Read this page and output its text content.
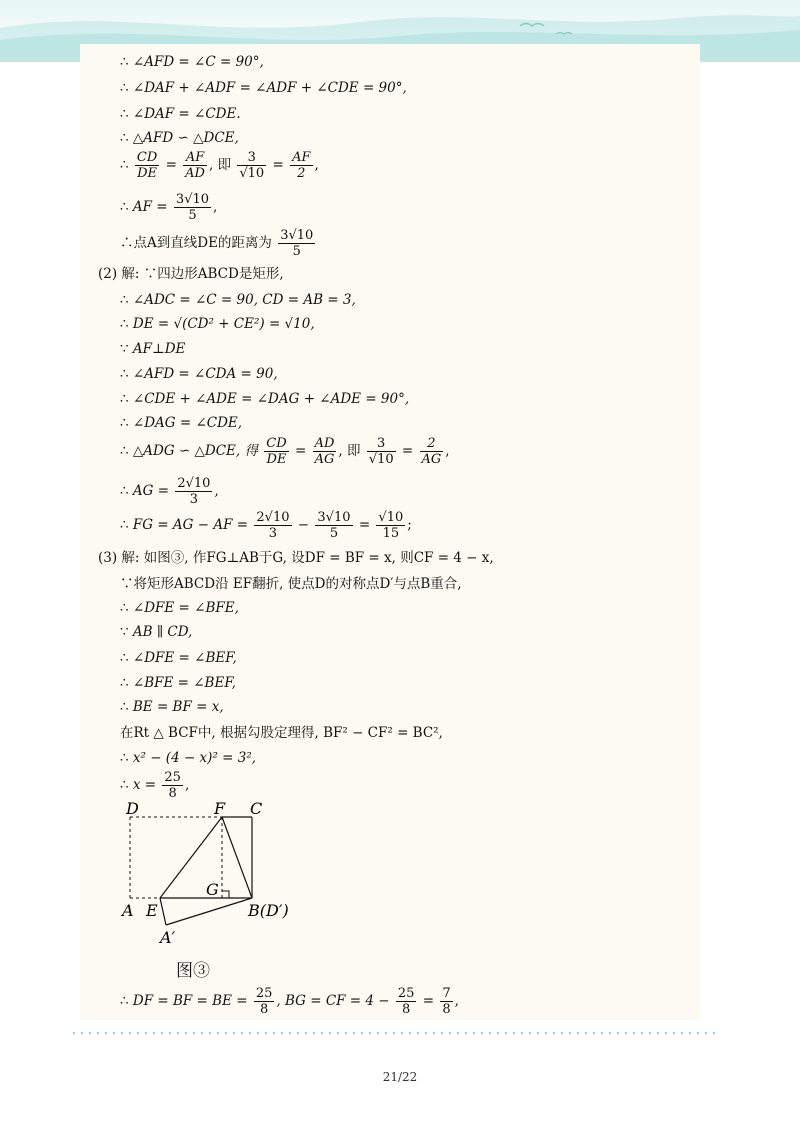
∴ ∠AFD = ∠C = 90°,
∴ ∠DAF + ∠ADF = ∠ADF + ∠CDE = 90°,
∴ ∠DAF = ∠CDE.
∴ △AFD ∽ △DCE,
∴ $\frac{CD}{DE} = \frac{AF}{AD}$ , 即 $\frac{3}{√10} = \frac{AF}{2}$ ,
∴ AF = $\frac{3√10}{5}$ ,
∴点A到直线DE的距离为 $\frac{3√10}{5}$
(2) 解: ∵四边形ABCD是矩形,
∴ ∠ADC = ∠C = 90, CD = AB = 3,
∴ DE = √(CD² + CE²) = √10,
∵ AF⊥DE
∴ ∠AFD = ∠CDA = 90,
∴ ∠CDE + ∠ADE = ∠DAG + ∠ADE = 90°,
∴ ∠DAG = ∠CDE,
∴ △ADG ∽ △DCE, 得 $\frac{CD}{DE} = \frac{AD}{AG}$ , 即 $\frac{3}{√10} = \frac{2}{AG}$ ,
∴ AG = $\frac{2√10}{3}$ ,
∴ FG = AG − AF = $\frac{2√10}{3} - \frac{3√10}{5} = \frac{√10}{15}$ ;
(3) 解: 如图③, 作FG⊥AB于G, 设DF = BF = x, 则CF = 4 − x,
∵将矩形ABCD沿 EF翻折, 使点D的对称点D′与点B重合,
∴ ∠DFE = ∠BFE,
∵ AB ∥ CD,
∴ ∠DFE = ∠BEF,
∴ ∠BFE = ∠BEF,
∴ BE = BF = x,
在Rt △ BCF中, 根据勾股定理得, BF² − CF² = BC²,
∴ x² − (4 − x)² = 3²,
∴ $x = \frac{25}{8}$ ,
D	F C
G
A E	B(D′)
A′
图③
∴ DF = BF = BE = $\frac{25}{8}$ , BG = CF = $4 - \frac{25}{8} = \frac{7}{8}$ ,
21/22
